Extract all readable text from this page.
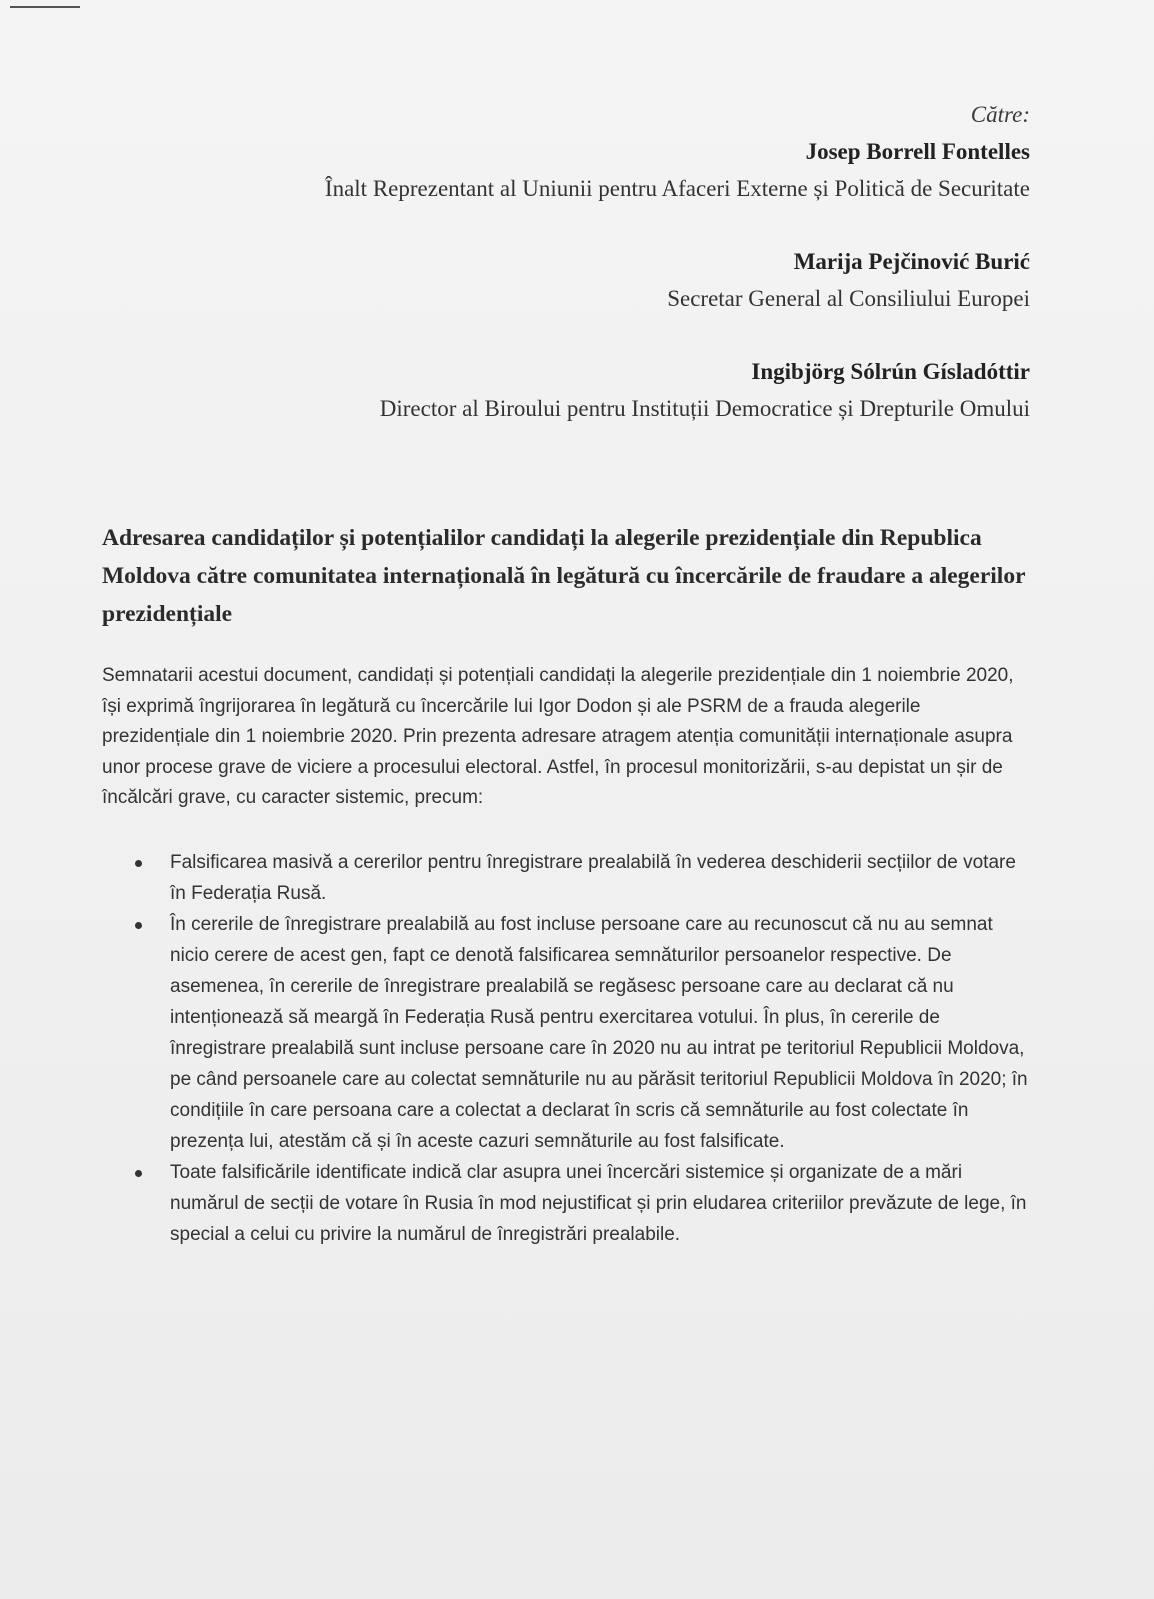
Către:
Josep Borrell Fontelles
Înalt Reprezentant al Uniunii pentru Afaceri Externe și Politică de Securitate
Marija Pejčinović Burić
Secretar General al Consiliului Europei
Ingibjörg Sólrún Gísladóttir
Director al Biroului pentru Instituții Democratice și Drepturile Omului
Adresarea candidaților și potențialilor candidați la alegerile prezidențiale din Republica Moldova către comunitatea internațională în legătură cu încercările de fraudare a alegerilor prezidențiale
Semnatarii acestui document, candidați și potențiali candidați la alegerile prezidențiale din 1 noiembrie 2020, își exprimă îngrijorarea în legătură cu încercările lui Igor Dodon și ale PSRM de a frauda alegerile prezidențiale din 1 noiembrie 2020. Prin prezenta adresare atragem atenția comunității internaționale asupra unor procese grave de viciere a procesului electoral. Astfel, în procesul monitorizării, s-au depistat un șir de încălcări grave, cu caracter sistemic, precum:
Falsificarea masivă a cererilor pentru înregistrare prealabilă în vederea deschiderii secțiilor de votare în Federația Rusă.
În cererile de înregistrare prealabilă au fost incluse persoane care au recunoscut că nu au semnat nicio cerere de acest gen, fapt ce denotă falsificarea semnăturilor persoanelor respective. De asemenea, în cererile de înregistrare prealabilă se regăsesc persoane care au declarat că nu intenționează să meargă în Federația Rusă pentru exercitarea votului. În plus, în cererile de înregistrare prealabilă sunt incluse persoane care în 2020 nu au intrat pe teritoriul Republicii Moldova, pe când persoanele care au colectat semnăturile nu au părăsit teritoriul Republicii Moldova în 2020; în condițiile în care persoana care a colectat a declarat în scris că semnăturile au fost colectate în prezența lui, atestăm că și în aceste cazuri semnăturile au fost falsificate.
Toate falsificările identificate indică clar asupra unei încercări sistemice și organizate de a mări numărul de secții de votare în Rusia în mod nejustificat și prin eludarea criteriilor prevăzute de lege, în special a celui cu privire la numărul de înregistrări prealabile.
